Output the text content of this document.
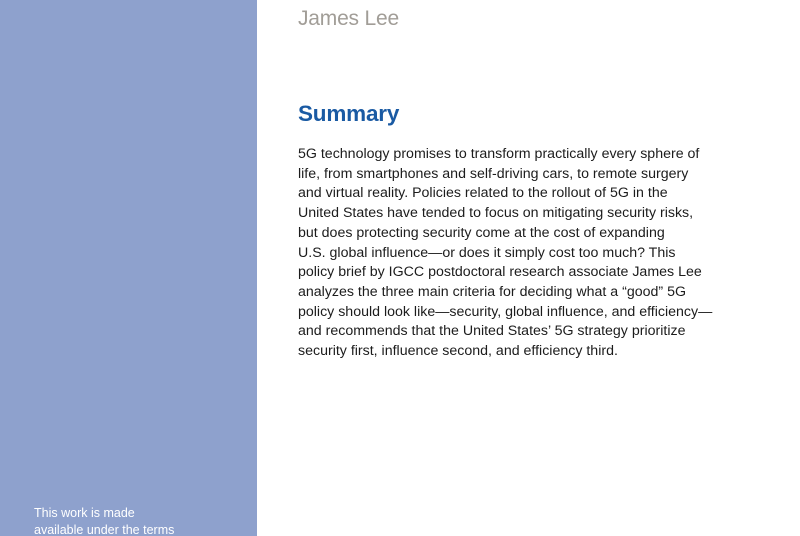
This work is made
available under the terms

James Lee
Summary

5G technology promises to transform practically every sphere of
life, from smartphones and self-driving cars, to remote surgery
and virtual reality. Policies related to the rollout of 5G in the
United States have tended to focus on mitigating security risks,
but does protecting security come at the cost of expanding
U.S. global influence—or does it simply cost too much? This
policy brief by IGCC postdoctoral research associate James Lee
analyzes the three main criteria for deciding what a “good” 5G
policy should look like—security, global influence, and efficiency—
and recommends that the United States’ 5G strategy prioritize
security first, influence second, and efficiency third.
